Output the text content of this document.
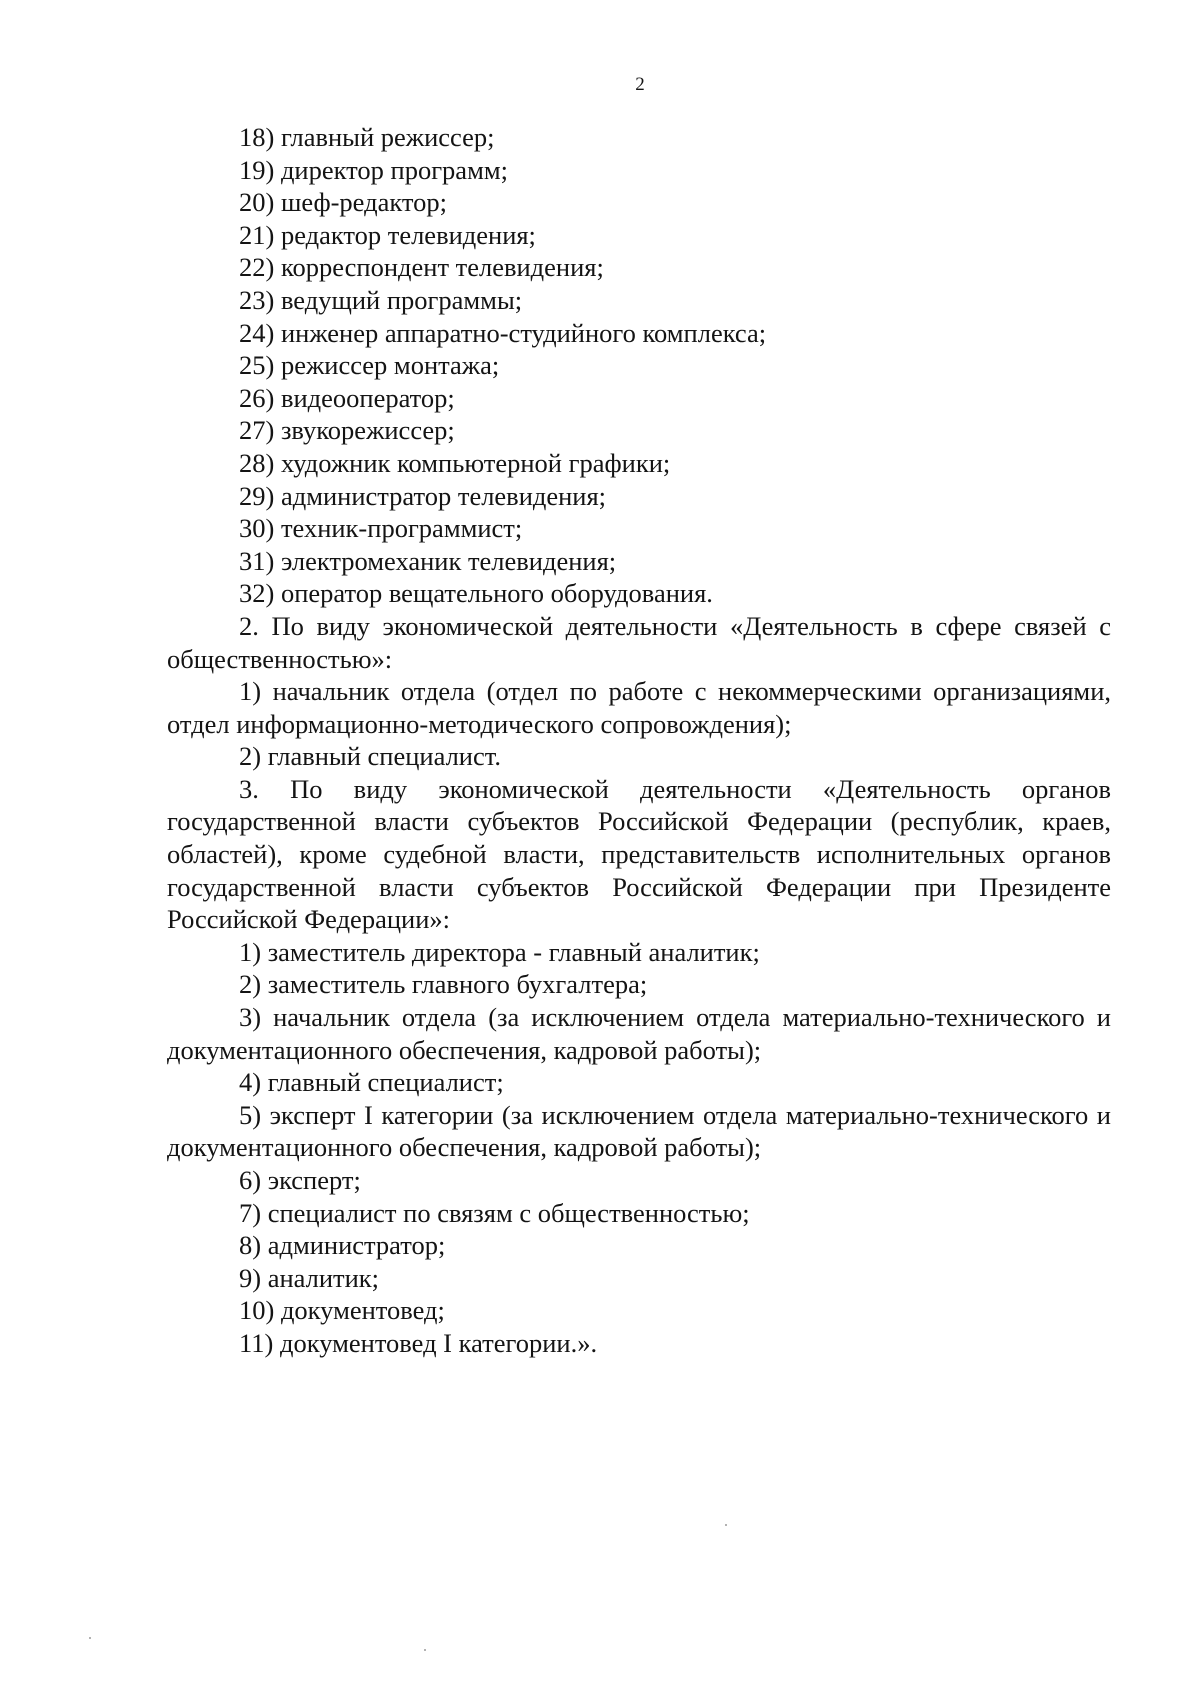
2

18) главный режиссер;

19) директор программ;

20) шеф-редактор;

21) редактор телевидения;

22) корреспондент телевидения;

23) ведущий программы;

24) инженер аппаратно-студийного комплекса;

25) режиссер монтажа;

26) видеооператор;

27) звукорежиссер;

28) художник компьютерной графики;

29) администратор телевидения;

30) техник-программист;

31) электромеханик телевидения;

32) оператор вещательного оборудования.

2. По виду экономической деятельности «Деятельность в сфере связей с общественностью»:

1) начальник отдела (отдел по работе с некоммерческими организациями, отдел информационно-методического сопровождения);

2) главный специалист.

3. По виду экономической деятельности «Деятельность органов государственной власти субъектов Российской Федерации (республик, краев, областей), кроме судебной власти, представительств исполнительных органов государственной власти субъектов Российской Федерации при Президенте Российской Федерации»:

1) заместитель директора - главный аналитик;

2) заместитель главного бухгалтера;

3) начальник отдела (за исключением отдела материально-технического и документационного обеспечения, кадровой работы);

4) главный специалист;

5) эксперт I категории (за исключением отдела материально-технического и документационного обеспечения, кадровой работы);

6) эксперт;

7) специалист по связям с общественностью;

8) администратор;

9) аналитик;

10) документовед;

11) документовед I категории.».
